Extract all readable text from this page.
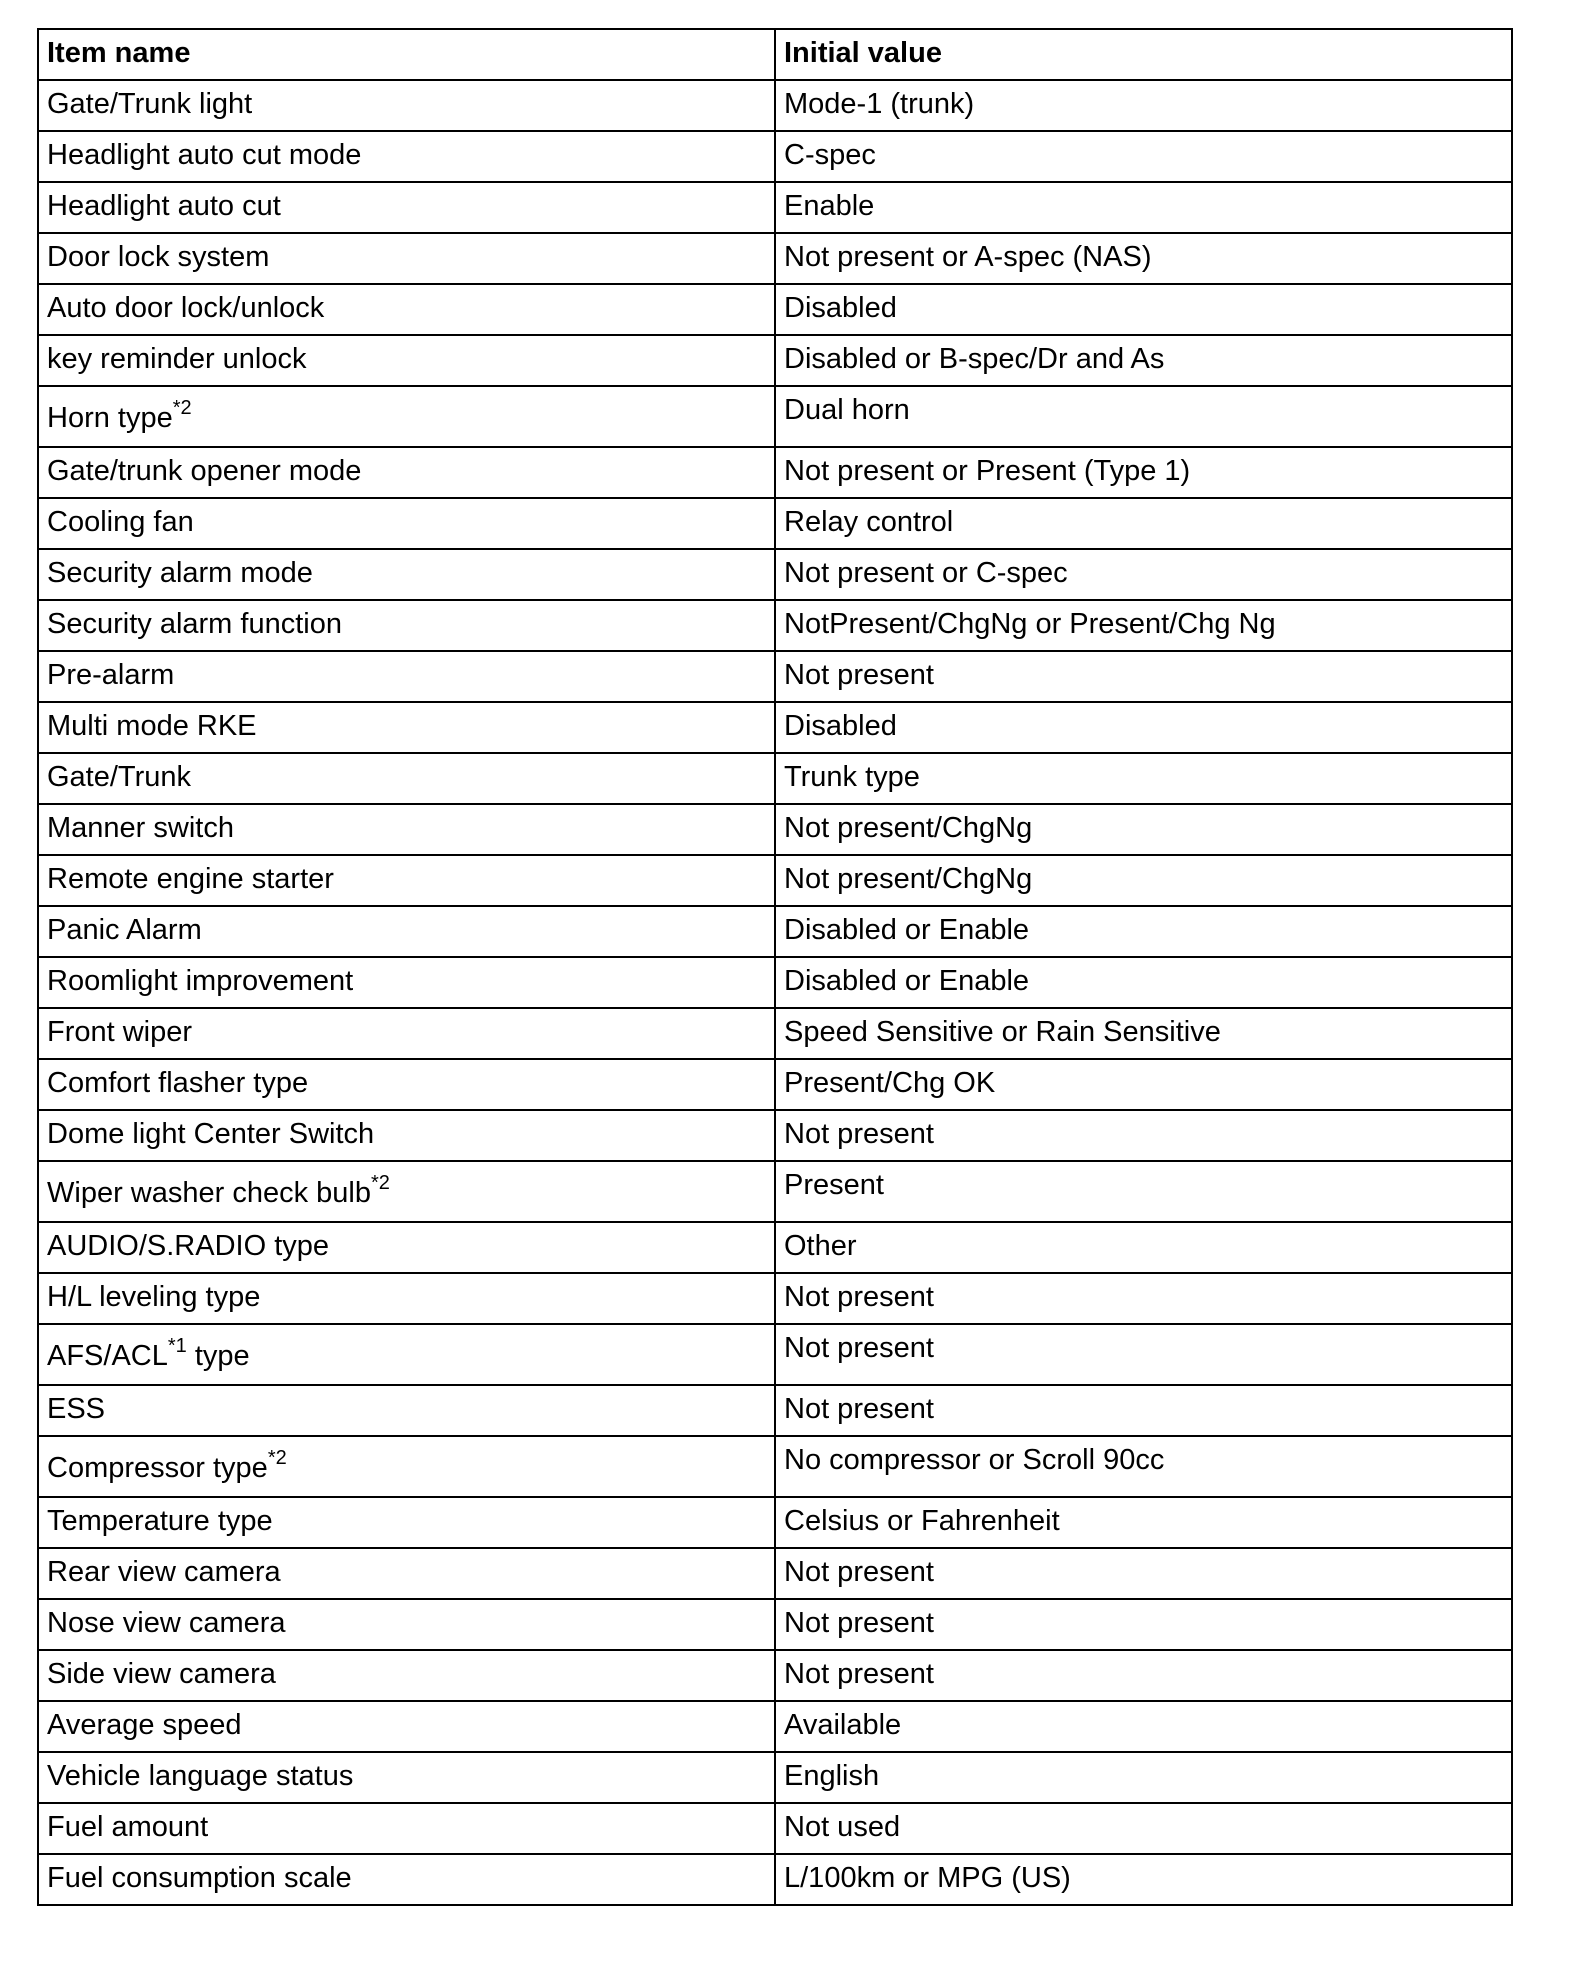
Item name	Initial value
Gate/Trunk light	Mode-1 (trunk)
Headlight auto cut mode	C-spec
Headlight auto cut	Enable
Door lock system	Not present or A-spec (NAS)
Auto door lock/unlock	Disabled
key reminder unlock	Disabled or B-spec/Dr and As
Horn type$^{*2}$	Dual horn
Gate/trunk opener mode	Not present or Present (Type 1)
Cooling fan	Relay control
Security alarm mode	Not present or C-spec
Security alarm function	NotPresent/ChgNg or Present/Chg Ng
Pre-alarm	Not present
Multi mode RKE	Disabled
Gate/Trunk	Trunk type
Manner switch	Not present/ChgNg
Remote engine starter	Not present/ChgNg
Panic Alarm	Disabled or Enable
Roomlight improvement	Disabled or Enable
Front wiper	Speed Sensitive or Rain Sensitive
Comfort flasher type	Present/Chg OK
Dome light Center Switch	Not present
Wiper washer check bulb$^{*2}$	Present
AUDIO/S.RADIO type	Other
H/L leveling type	Not present
AFS/ACL$^{*1}$ type	Not present
ESS	Not present
Compressor type$^{*2}$	No compressor or Scroll 90cc
Temperature type	Celsius or Fahrenheit
Rear view camera	Not present
Nose view camera	Not present
Side view camera	Not present
Average speed	Available
Vehicle language status	English
Fuel amount	Not used
Fuel consumption scale	L/100km or MPG (US)
